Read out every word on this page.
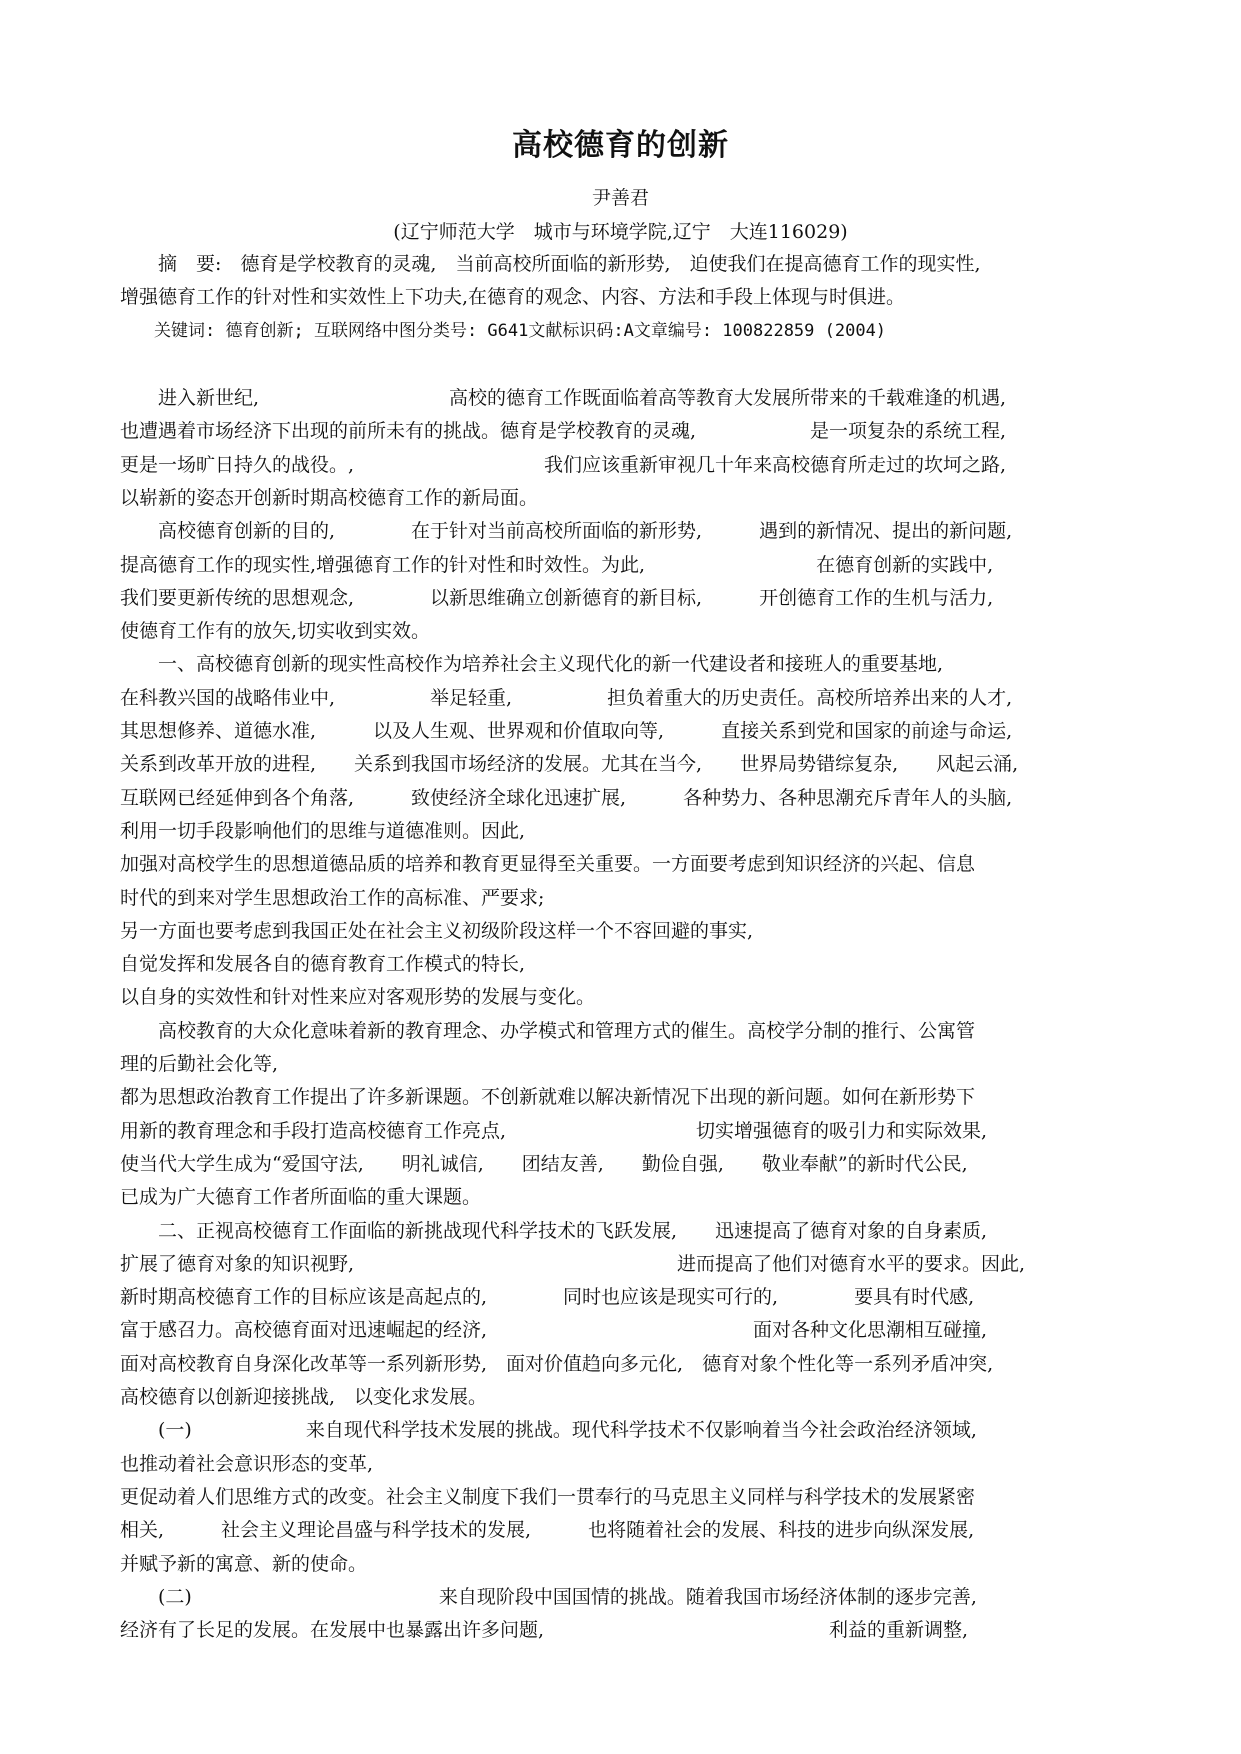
高校德育的创新
尹善君
(辽宁师范大学　城市与环境学院,辽宁　大连116029)
　　摘　要:　德育是学校教育的灵魂,　当前高校所面临的新形势,　迫使我们在提高德育工作的现实性,
增强德育工作的针对性和实效性上下功夫,在德育的观念、内容、方法和手段上体现与时俱进。
　　关键词: 德育创新; 互联网络中图分类号: G641文献标识码:A文章编号: 100822859 (2004)
　　进入新世纪,　　　　　　　　　　高校的德育工作既面临着高等教育大发展所带来的千载难逢的机遇,
也遭遇着市场经济下出现的前所未有的挑战。德育是学校教育的灵魂,　　　　　　是一项复杂的系统工程,
更是一场旷日持久的战役。,　　　　　　　　　　我们应该重新审视几十年来高校德育所走过的坎坷之路,
以崭新的姿态开创新时期高校德育工作的新局面。
　　高校德育创新的目的,　　　　在于针对当前高校所面临的新形势,　　　遇到的新情况、提出的新问题,
提高德育工作的现实性,增强德育工作的针对性和时效性。为此,　　　　　　　　　在德育创新的实践中,
我们要更新传统的思想观念,　　　　以新思维确立创新德育的新目标,　　　开创德育工作的生机与活力,
使德育工作有的放矢,切实收到实效。
　　一、高校德育创新的现实性高校作为培养社会主义现代化的新一代建设者和接班人的重要基地,
在科教兴国的战略伟业中,　　　　　举足轻重,　　　　　担负着重大的历史责任。高校所培养出来的人才,
其思想修养、道德水准,　　　以及人生观、世界观和价值取向等,　　　直接关系到党和国家的前途与命运,
关系到改革开放的进程,　　关系到我国市场经济的发展。尤其在当今,　　世界局势错综复杂,　　风起云涌,
互联网已经延伸到各个角落,　　　致使经济全球化迅速扩展,　　　各种势力、各种思潮充斥青年人的头脑,
利用一切手段影响他们的思维与道德准则。因此,
加强对高校学生的思想道德品质的培养和教育更显得至关重要。一方面要考虑到知识经济的兴起、信息
时代的到来对学生思想政治工作的高标准、严要求;
另一方面也要考虑到我国正处在社会主义初级阶段这样一个不容回避的事实,
自觉发挥和发展各自的德育教育工作模式的特长,
以自身的实效性和针对性来应对客观形势的发展与变化。
　　高校教育的大众化意味着新的教育理念、办学模式和管理方式的催生。高校学分制的推行、公寓管
理的后勤社会化等,
都为思想政治教育工作提出了许多新课题。不创新就难以解决新情况下出现的新问题。如何在新形势下
用新的教育理念和手段打造高校德育工作亮点,　　　　　　　　　　切实增强德育的吸引力和实际效果,
使当代大学生成为“爱国守法,　　明礼诚信,　　团结友善,　　勤俭自强,　　敬业奉献”的新时代公民,
已成为广大德育工作者所面临的重大课题。
　　二、正视高校德育工作面临的新挑战现代科学技术的飞跃发展,　　迅速提高了德育对象的自身素质,
扩展了德育对象的知识视野,　　　　　　　　　　　　　　　　　进而提高了他们对德育水平的要求。因此,
新时期高校德育工作的目标应该是高起点的,　　　　同时也应该是现实可行的,　　　　要具有时代感,
富于感召力。高校德育面对迅速崛起的经济,　　　　　　　　　　　　　　面对各种文化思潮相互碰撞,
面对高校教育自身深化改革等一系列新形势,　面对价值趋向多元化,　德育对象个性化等一系列矛盾冲突,
高校德育以创新迎接挑战,　以变化求发展。
　　(一)　　　　　　来自现代科学技术发展的挑战。现代科学技术不仅影响着当今社会政治经济领域,
也推动着社会意识形态的变革,
更促动着人们思维方式的改变。社会主义制度下我们一贯奉行的马克思主义同样与科学技术的发展紧密
相关,　　　社会主义理论昌盛与科学技术的发展,　　　也将随着社会的发展、科技的进步向纵深发展,
并赋予新的寓意、新的使命。
　　(二)　　　　　　　　　　　　　来自现阶段中国国情的挑战。随着我国市场经济体制的逐步完善,
经济有了长足的发展。在发展中也暴露出许多问题,　　　　　　　　　　　　　　　利益的重新调整,
